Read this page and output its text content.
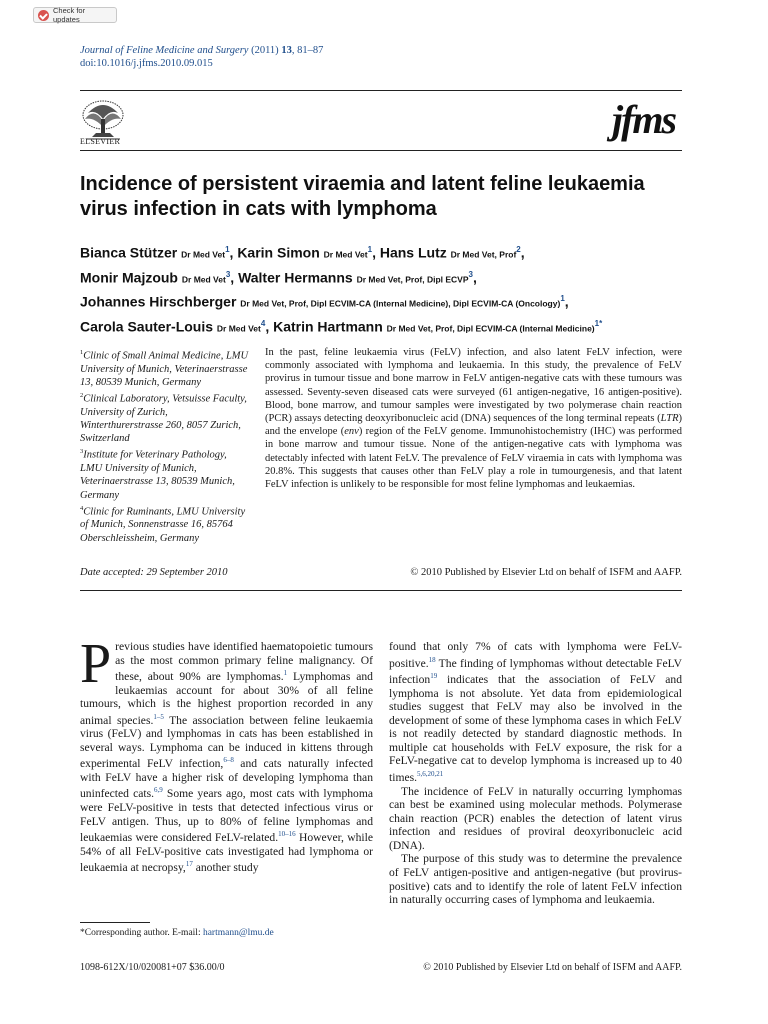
Check for updates
Journal of Feline Medicine and Surgery (2011) 13, 81–87
doi:10.1016/j.jfms.2010.09.015
ELSEVIER	jfms
Incidence of persistent viraemia and latent feline leukaemia virus infection in cats with lymphoma
Bianca Stützer Dr Med Vet$^1$, Karin Simon Dr Med Vet$^1$, Hans Lutz Dr Med Vet, Prof$^2$,
Monir Majzoub Dr Med Vet$^3$, Walter Hermanns Dr Med Vet, Prof, Dipl ECVP$^3$,
Johannes Hirschberger Dr Med Vet, Prof, Dipl ECVIM-CA (Internal Medicine), Dipl ECVIM-CA (Oncology)$^1$,
Carola Sauter-Louis Dr Med Vet$^4$, Katrin Hartmann Dr Med Vet, Prof, Dipl ECVIM-CA (Internal Medicine)$^{1*}$
$^1$Clinic of Small Animal Medicine, LMU University of Munich, Veterinaerstrasse 13, 80539 Munich, Germany
$^2$Clinical Laboratory, Vetsuisse Faculty, University of Zurich, Winterthurerstrasse 260, 8057 Zurich, Switzerland
$^3$Institute for Veterinary Pathology, LMU University of Munich, Veterinaerstrasse 13, 80539 Munich, Germany
$^4$Clinic for Ruminants, LMU University of Munich, Sonnenstrasse 16, 85764 Oberschleissheim, Germany
In the past, feline leukaemia virus (FeLV) infection, and also latent FeLV infection, were commonly associated with lymphoma and leukaemia. In this study, the prevalence of FeLV provirus in tumour tissue and bone marrow in FeLV antigen-negative cats with these tumours was assessed. Seventy-seven diseased cats were surveyed (61 antigen-negative, 16 antigen-positive). Blood, bone marrow, and tumour samples were investigated by two polymerase chain reaction (PCR) assays detecting deoxyribonucleic acid (DNA) sequences of the long terminal repeats (LTR) and the envelope (env) region of the FeLV genome. Immunohistochemistry (IHC) was performed in bone marrow and tumour tissue. None of the antigen-negative cats with lymphoma was detectably infected with latent FeLV. The prevalence of FeLV viraemia in cats with lymphoma was 20.8%. This suggests that causes other than FeLV play a role in tumourgenesis, and that latent FeLV infection is unlikely to be responsible for most feline lymphomas and leukaemias.
Date accepted: 29 September 2010	© 2010 Published by Elsevier Ltd on behalf of ISFM and AAFP.
Previous studies have identified haematopoietic tumours as the most common primary feline malignancy. Of these, about 90% are lymphomas.$^1$ Lymphomas and leukaemias account for about 30% of all feline tumours, which is the highest proportion recorded in any animal species.$^{1-5}$ The association between feline leukaemia virus (FeLV) and lymphomas in cats has been established in several ways. Lymphoma can be induced in kittens through experimental FeLV infection,$^{6-8}$ and cats naturally infected with FeLV have a higher risk of developing lymphoma than uninfected cats.$^{6,9}$ Some years ago, most cats with lymphoma were FeLV-positive in tests that detected infectious virus or FeLV antigen. Thus, up to 80% of feline lymphomas and leukaemias were considered FeLV-related.$^{10-16}$ However, while 54% of all FeLV-positive cats investigated had lymphoma or leukaemia at necropsy,$^{17}$ another study

found that only 7% of cats with lymphoma were FeLV-positive.$^{18}$ The finding of lymphomas without detectable FeLV infection$^{19}$ indicates that the association of FeLV and lymphoma is not absolute. Yet data from epidemiological studies suggest that FeLV may also be involved in the development of some of these lymphoma cases in which FeLV is not readily detected by standard diagnostic methods. In multiple cat households with FeLV exposure, the risk for a FeLV-negative cat to develop lymphoma is increased up to 40 times.$^{5,6,20,21}$

The incidence of FeLV in naturally occurring lymphomas can best be examined using molecular methods. Polymerase chain reaction (PCR) enables the detection of latent virus infection and residues of proviral deoxyribonucleic acid (DNA).

The purpose of this study was to determine the prevalence of FeLV antigen-positive and antigen-negative (but provirus-positive) cats and to identify the role of latent FeLV infection in naturally occurring cases of lymphoma and leukaemia.

*Corresponding author. E-mail: hartmann@lmu.de
1098-612X/10/020081+07 $36.00/0	© 2010 Published by Elsevier Ltd on behalf of ISFM and AAFP.
